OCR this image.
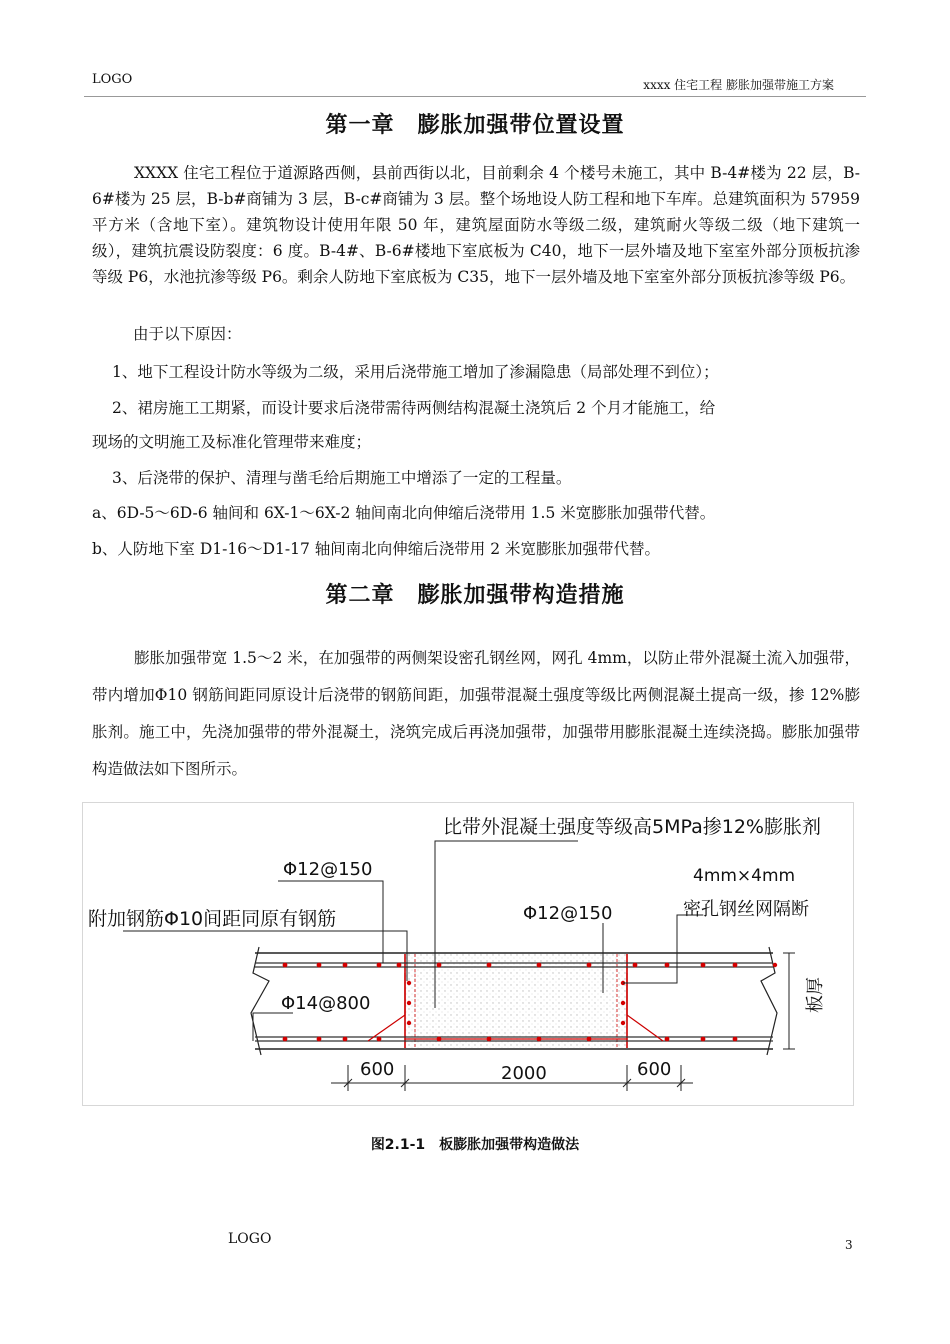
LOGO	xxxx 住宅工程 膨胀加强带施工方案
第一章　膨胀加强带位置设置

XXXX 住宅工程位于道源路西侧，县前西街以北，目前剩余 4 个楼号未施工，其中 B-4#楼为 22 层，B-6#楼为 25 层，B-b#商铺为 3 层，B-c#商铺为 3 层。整个场地设人防工程和地下车库。总建筑面积为 57959 平方米（含地下室）。建筑物设计使用年限 50 年，建筑屋面防水等级二级，建筑耐火等级二级（地下建筑一级），建筑抗震设防裂度：6 度。B-4#、B-6#楼地下室底板为 C40，地下一层外墙及地下室室外部分顶板抗渗等级 P6，水池抗渗等级 P6。剩余人防地下室底板为 C35，地下一层外墙及地下室室外部分顶板抗渗等级 P6。

由于以下原因：
1、地下工程设计防水等级为二级，采用后浇带施工增加了渗漏隐患（局部处理不到位）；
2、裙房施工工期紧，而设计要求后浇带需待两侧结构混凝土浇筑后 2 个月才能施工，给
现场的文明施工及标准化管理带来难度；
3、后浇带的保护、清理与凿毛给后期施工中增添了一定的工程量。
a、6D-5～6D-6 轴间和 6X-1～6X-2 轴间南北向伸缩后浇带用 1.5 米宽膨胀加强带代替。
b、人防地下室 D1-16～D1-17 轴间南北向伸缩后浇带用 2 米宽膨胀加强带代替。
第二章　膨胀加强带构造措施

膨胀加强带宽 1.5～2 米，在加强带的两侧架设密孔钢丝网，网孔 4mm，以防止带外混凝土流入加强带，带内增加Φ10 钢筋间距同原设计后浇带的钢筋间距，加强带混凝土强度等级比两侧混凝土提高一级，掺 12%膨胀剂。施工中，先浇加强带的带外混凝土，浇筑完成后再浇加强带，加强带用膨胀混凝土连续浇捣。膨胀加强带构造做法如下图所示。

比带外混凝土强度等级高5MPa掺12%膨胀剂
4mm×4mm
密孔钢丝网隔断
Φ12@150
附加钢筋Φ10间距同原有钢筋	Φ12@150
Φ14@800	板厚
600	2000	600
图2.1-1　板膨胀加强带构造做法
LOGO	3
